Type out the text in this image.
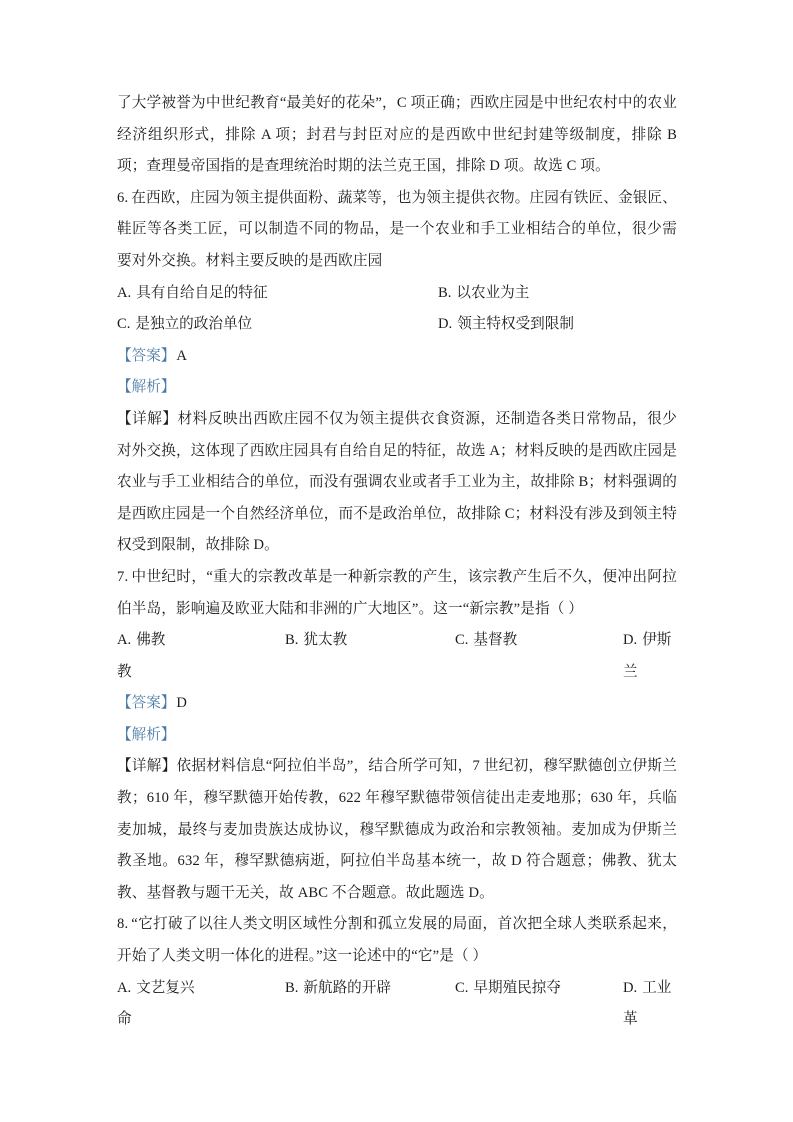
了大学被誉为中世纪教育“最美好的花朵”，C 项正确；西欧庄园是中世纪农村中的农业经济组织形式，排除 A 项；封君与封臣对应的是西欧中世纪封建等级制度，排除 B 项；查理曼帝国指的是查理统治时期的法兰克王国，排除 D 项。故选 C 项。

6. 在西欧，庄园为领主提供面粉、蔬菜等，也为领主提供衣物。庄园有铁匠、金银匠、鞋匠等各类工匠，可以制造不同的物品，是一个农业和手工业相结合的单位，很少需要对外交换。材料主要反映的是西欧庄园

A. 具有自给自足的特征	B. 以农业为主
C. 是独立的政治单位	D. 领主特权受到限制
【答案】A
【解析】

【详解】材料反映出西欧庄园不仅为领主提供衣食资源，还制造各类日常物品，很少对外交换，这体现了西欧庄园具有自给自足的特征，故选 A；材料反映的是西欧庄园是农业与手工业相结合的单位，而没有强调农业或者手工业为主，故排除 B；材料强调的是西欧庄园是一个自然经济单位，而不是政治单位，故排除 C；材料没有涉及到领主特权受到限制，故排除 D。

7. 中世纪时，“重大的宗教改革是一种新宗教的产生，该宗教产生后不久，便冲出阿拉伯半岛，影响遍及欧亚大陆和非洲的广大地区”。这一“新宗教”是指（ ）

A. 佛教	B. 犹太教	C. 基督教	D. 伊斯兰
教
【答案】D
【解析】

【详解】依据材料信息“阿拉伯半岛”，结合所学可知，7 世纪初，穆罕默德创立伊斯兰教；610 年，穆罕默德开始传教，622 年穆罕默德带领信徒出走麦地那；630 年，兵临麦加城，最终与麦加贵族达成协议，穆罕默德成为政治和宗教领袖。麦加成为伊斯兰教圣地。632 年，穆罕默德病逝，阿拉伯半岛基本统一，故 D 符合题意；佛教、犹太教、基督教与题干无关，故 ABC 不合题意。故此题选 D。

8. “它打破了以往人类文明区域性分割和孤立发展的局面，首次把全球人类联系起来，开始了人类文明一体化的进程。”这一论述中的“它”是（ ）

A. 文艺复兴	B. 新航路的开辟	C. 早期殖民掠夺	D. 工业革
命
